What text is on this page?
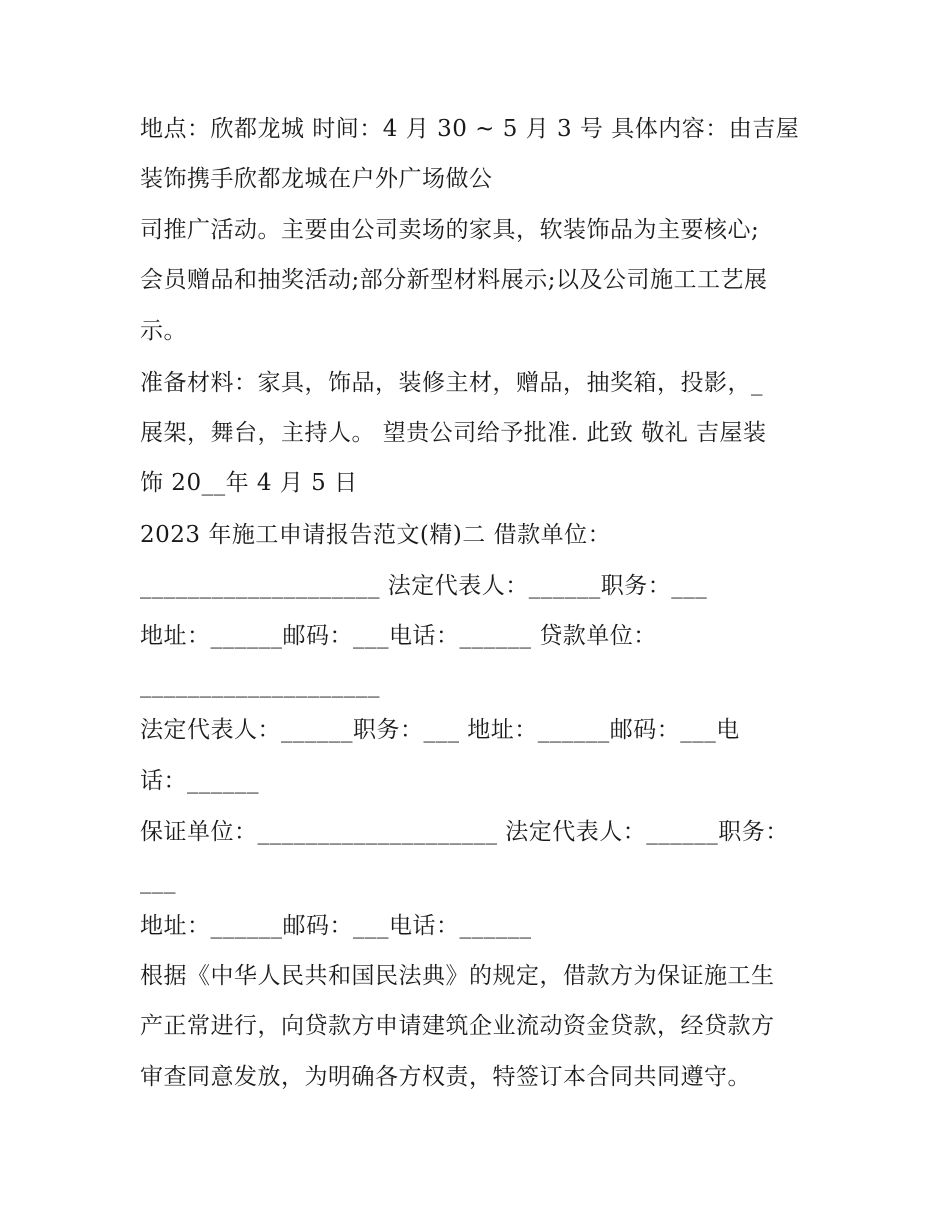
地点：欣都龙城 时间：4 月 30 ~ 5 月 3 号 具体内容：由吉屋
装饰携手欣都龙城在户外广场做公
司推广活动。主要由公司卖场的家具，软装饰品为主要核心;
会员赠品和抽奖活动;部分新型材料展示;以及公司施工工艺展
示。
准备材料：家具，饰品，装修主材，赠品，抽奖箱，投影，_
展架，舞台，主持人。 望贵公司给予批准. 此致 敬礼 吉屋装
饰 20__年 4 月 5 日
2023 年施工申请报告范文(精)二 借款单位：
____________________ 法定代表人：______职务：___
地址：______邮码：___电话：______ 贷款单位：
____________________
法定代表人：______职务：___ 地址：______邮码：___电
话：______
保证单位：____________________ 法定代表人：______职务：
___
地址：______邮码：___电话：______
根据《中华人民共和国民法典》的规定，借款方为保证施工生
产正常进行，向贷款方申请建筑企业流动资金贷款，经贷款方
审查同意发放，为明确各方权责，特签订本合同共同遵守。
